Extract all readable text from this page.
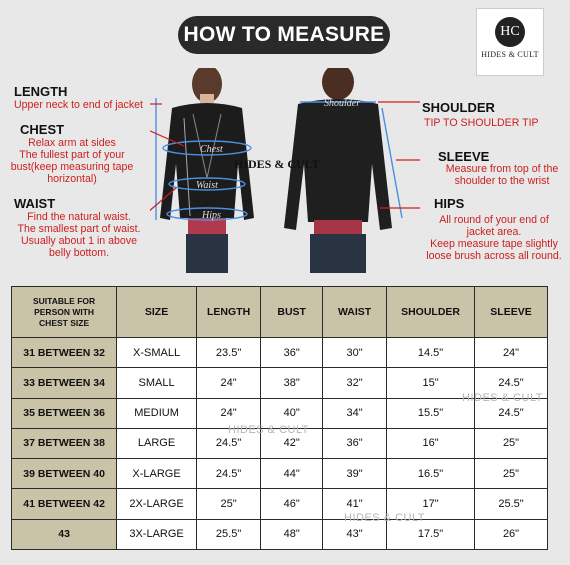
HOW TO MEASURE	HC
HIDES & CULT
LENGTH
Upper neck to end of jacket
CHEST
Relax arm at sides
The fullest part of your
bust(keep measuring tape
horizontal)
WAIST
Find the natural waist.
The smallest part of waist.
Usually about 1 in above
belly bottom.
SHOULDER
TIP TO SHOULDER TIP
SLEEVE
Measure from top of the
shoulder to the wrist
HIPS
All round of your end of
jacket area.
Keep measure tape slightly
loose brush across all round.
Chest
Waist
Hips
Shoulder
HIDES & CULT
SUITABLE FOR
PERSON WITH
CHEST SIZE	SIZE	LENGTH	BUST	WAIST	SHOULDER	SLEEVE
31 BETWEEN 32	X-SMALL	23.5"	36"	30"	14.5"	24"
33 BETWEEN 34	SMALL	24"	38"	32"	15"	24.5"
35 BETWEEN 36	MEDIUM	24"	40"	34"	15.5"	24.5"
37 BETWEEN 38	LARGE	24.5"	42"	36"	16"	25"
39 BETWEEN 40	X-LARGE	24.5"	44"	39"	16.5"	25"
41 BETWEEN 42	2X-LARGE	25"	46"	41"	17"	25.5"
43	3X-LARGE	25.5"	48"	43"	17.5"	26"
HIDES & CULT
HIDES & CULT
HIDES & CULT
